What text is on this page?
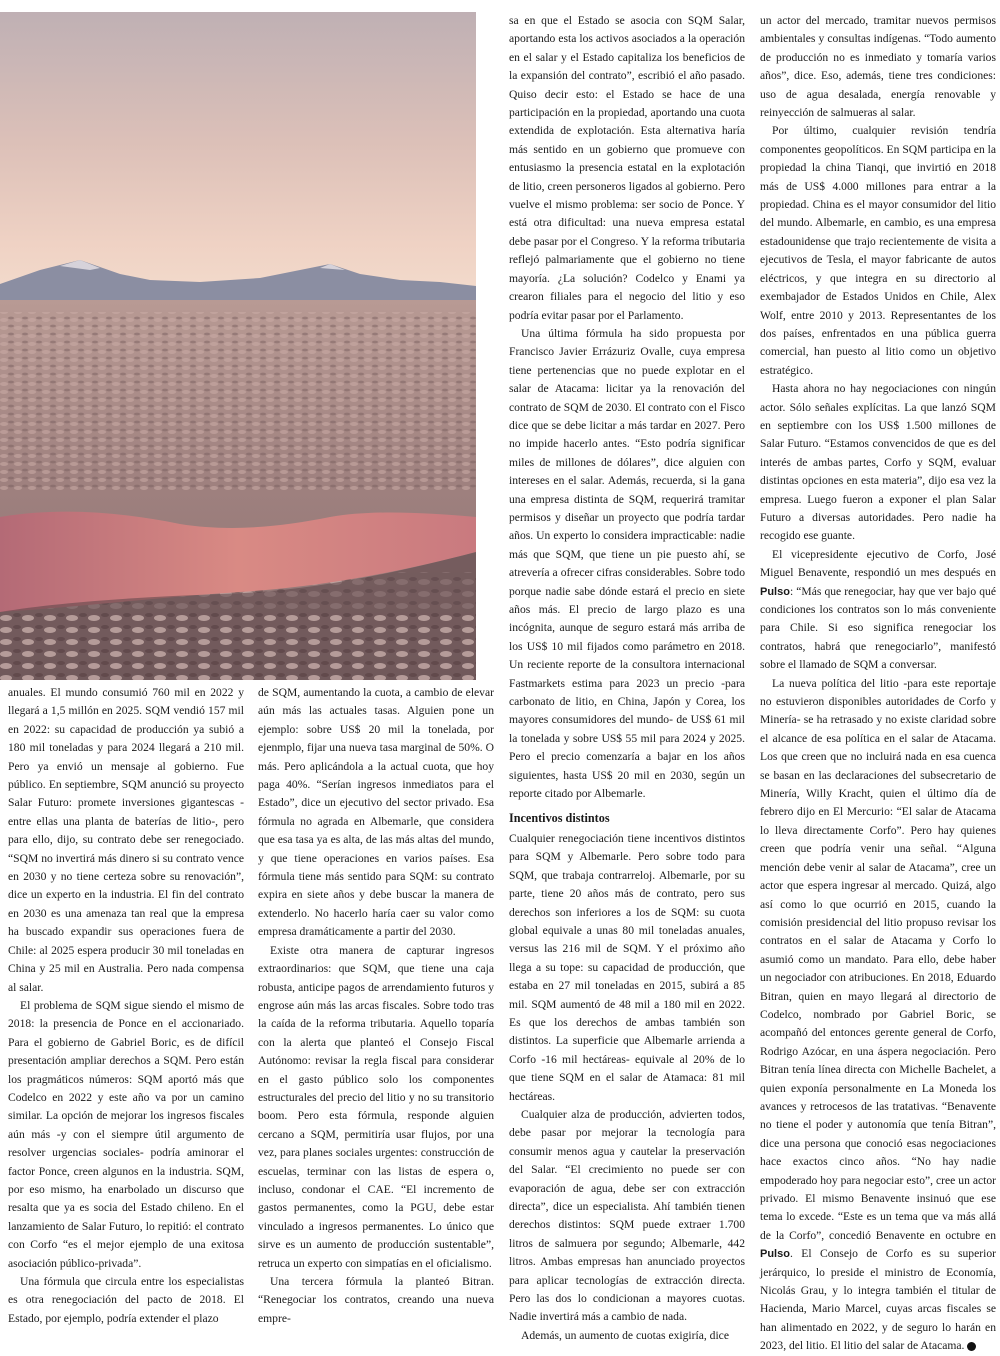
anuales. El mundo consumió 760 mil en 2022 y llegará a 1,5 millón en 2025. SQM vendió 157 mil en 2022: su capacidad de producción ya subió a 180 mil toneladas y para 2024 llegará a 210 mil. Pero ya envió un mensaje al gobierno. Fue público. En septiembre, SQM anunció su proyecto Salar Futuro: promete inversiones gigantescas -entre ellas una planta de baterías de litio-, pero para ello, dijo, su contrato debe ser renegociado. “SQM no invertirá más dinero si su contrato vence en 2030 y no tiene certeza sobre su renovación”, dice un experto en la industria. El fin del contrato en 2030 es una amenaza tan real que la empresa ha buscado expandir sus operaciones fuera de Chile: al 2025 espera producir 30 mil toneladas en China y 25 mil en Australia. Pero nada compensa al salar.

El problema de SQM sigue siendo el mismo de 2018: la presencia de Ponce en el accionariado. Para el gobierno de Gabriel Boric, es de difícil presentación ampliar derechos a SQM. Pero están los pragmáticos números: SQM aportó más que Codelco en 2022 y este año va por un camino similar. La opción de mejorar los ingresos fiscales aún más -y con el siempre útil argumento de resolver urgencias sociales- podría aminorar el factor Ponce, creen algunos en la industria. SQM, por eso mismo, ha enarbolado un discurso que resalta que ya es socia del Estado chileno. En el lanzamiento de Salar Futuro, lo repitió: el contrato con Corfo “es el mejor ejemplo de una exitosa asociación público-privada”.

Una fórmula que circula entre los especialistas es otra renegociación del pacto de 2018. El Estado, por ejemplo, podría extender el plazo

de SQM, aumentando la cuota, a cambio de elevar aún más las actuales tasas. Alguien pone un ejemplo: sobre US$ 20 mil la tonelada, por ejenmplo, fijar una nueva tasa marginal de 50%. O más. Pero aplicándola a la actual cuota, que hoy paga 40%. “Serían ingresos inmediatos para el Estado”, dice un ejecutivo del sector privado. Esa fórmula no agrada en Albemarle, que considera que esa tasa ya es alta, de las más altas del mundo, y que tiene operaciones en varios países. Esa fórmula tiene más sentido para SQM: su contrato expira en siete años y debe buscar la manera de extenderlo. No hacerlo haría caer su valor como empresa dramáticamente a partir del 2030.

Existe otra manera de capturar ingresos extraordinarios: que SQM, que tiene una caja robusta, anticipe pagos de arrendamiento futuros y engrose aún más las arcas fiscales. Sobre todo tras la caída de la reforma tributaria. Aquello toparía con la alerta que planteó el Consejo Fiscal Autónomo: revisar la regla fiscal para considerar en el gasto público solo los componentes estructurales del precio del litio y no su transitorio boom. Pero esta fórmula, responde alguien cercano a SQM, permitiría usar flujos, por una vez, para planes sociales urgentes: construcción de escuelas, terminar con las listas de espera o, incluso, condonar el CAE. “El incremento de gastos permanentes, como la PGU, debe estar vinculado a ingresos permanentes. Lo único que sirve es un aumento de producción sustentable”, retruca un experto con simpatías en el oficialismo.

Una tercera fórmula la planteó Bitran. “Renegociar los contratos, creando una nueva empre-

sa en que el Estado se asocia con SQM Salar, aportando esta los activos asociados a la operación en el salar y el Estado capitaliza los beneficios de la expansión del contrato”, escribió el año pasado. Quiso decir esto: el Estado se hace de una participación en la propiedad, aportando una cuota extendida de explotación. Esta alternativa haría más sentido en un gobierno que promueve con entusiasmo la presencia estatal en la explotación de litio, creen personeros ligados al gobierno. Pero vuelve el mismo problema: ser socio de Ponce. Y está otra dificultad: una nueva empresa estatal debe pasar por el Congreso. Y la reforma tributaria reflejó palmariamente que el gobierno no tiene mayoría. ¿La solución? Codelco y Enami ya crearon filiales para el negocio del litio y eso podría evitar pasar por el Parlamento.

Una última fórmula ha sido propuesta por Francisco Javier Errázuriz Ovalle, cuya empresa tiene pertenencias que no puede explotar en el salar de Atacama: licitar ya la renovación del contrato de SQM de 2030. El contrato con el Fisco dice que se debe licitar a más tardar en 2027. Pero no impide hacerlo antes. “Esto podría significar miles de millones de dólares”, dice alguien con intereses en el salar. Además, recuerda, si la gana una empresa distinta de SQM, requerirá tramitar permisos y diseñar un proyecto que podría tardar años. Un experto lo considera impracticable: nadie más que SQM, que tiene un pie puesto ahí, se atrevería a ofrecer cifras considerables. Sobre todo porque nadie sabe dónde estará el precio en siete años más. El precio de largo plazo es una incógnita, aunque de seguro estará más arriba de los US$ 10 mil fijados como parámetro en 2018. Un reciente reporte de la consultora internacional Fastmarkets estima para 2023 un precio -para carbonato de litio, en China, Japón y Corea, los mayores consumidores del mundo- de US$ 61 mil la tonelada y sobre US$ 55 mil para 2024 y 2025. Pero el precio comenzaría a bajar en los años siguientes, hasta US$ 20 mil en 2030, según un reporte citado por Albemarle.

Incentivos distintos

Cualquier renegociación tiene incentivos distintos para SQM y Albemarle. Pero sobre todo para SQM, que trabaja contrarreloj. Albemarle, por su parte, tiene 20 años más de contrato, pero sus derechos son inferiores a los de SQM: su cuota global equivale a unas 80 mil toneladas anuales, versus las 216 mil de SQM. Y el próximo año llega a su tope: su capacidad de producción, que estaba en 27 mil toneladas en 2015, subirá a 85 mil. SQM aumentó de 48 mil a 180 mil en 2022. Es que los derechos de ambas también son distintos. La superficie que Albemarle arrienda a Corfo -16 mil hectáreas- equivale al 20% de lo que tiene SQM en el salar de Atamaca: 81 mil hectáreas.

Cualquier alza de producción, advierten todos, debe pasar por mejorar la tecnología para consumir menos agua y cautelar la preservación del Salar. “El crecimiento no puede ser con evaporación de agua, debe ser con extracción directa”, dice un especialista. Ahí también tienen derechos distintos: SQM puede extraer 1.700 litros de salmuera por segundo; Albemarle, 442 litros. Ambas empresas han anunciado proyectos para aplicar tecnologías de extracción directa. Pero las dos lo condicionan a mayores cuotas. Nadie invertirá más a cambio de nada.

Además, un aumento de cuotas exigiría, dice

un actor del mercado, tramitar nuevos permisos ambientales y consultas indígenas. “Todo aumento de producción no es inmediato y tomaría varios años”, dice. Eso, además, tiene tres condiciones: uso de agua desalada, energía renovable y reinyección de salmueras al salar.

Por último, cualquier revisión tendría componentes geopolíticos. En SQM participa en la propiedad la china Tianqi, que invirtió en 2018 más de US$ 4.000 millones para entrar a la propiedad. China es el mayor consumidor del litio del mundo. Albemarle, en cambio, es una empresa estadounidense que trajo recientemente de visita a ejecutivos de Tesla, el mayor fabricante de autos eléctricos, y que integra en su directorio al exembajador de Estados Unidos en Chile, Alex Wolf, entre 2010 y 2013. Representantes de los dos países, enfrentados en una pública guerra comercial, han puesto al litio como un objetivo estratégico.

Hasta ahora no hay negociaciones con ningún actor. Sólo señales explícitas. La que lanzó SQM en septiembre con los US$ 1.500 millones de Salar Futuro. “Estamos convencidos de que es del interés de ambas partes, Corfo y SQM, evaluar distintas opciones en esta materia”, dijo esa vez la empresa. Luego fueron a exponer el plan Salar Futuro a diversas autoridades. Pero nadie ha recogido ese guante.

El vicepresidente ejecutivo de Corfo, José Miguel Benavente, respondió un mes después en Pulso: “Más que renegociar, hay que ver bajo qué condiciones los contratos son lo más conveniente para Chile. Si eso significa renegociar los contratos, habrá que renegociarlo”, manifestó sobre el llamado de SQM a conversar.

La nueva política del litio -para este reportaje no estuvieron disponibles autoridades de Corfo y Minería- se ha retrasado y no existe claridad sobre el alcance de esa política en el salar de Atacama. Los que creen que no incluirá nada en esa cuenca se basan en las declaraciones del subsecretario de Minería, Willy Kracht, quien el último día de febrero dijo en El Mercurio: “El salar de Atacama lo lleva directamente Corfo”. Pero hay quienes creen que podría venir una señal. “Alguna mención debe venir al salar de Atacama”, cree un actor que espera ingresar al mercado. Quizá, algo así como lo que ocurrió en 2015, cuando la comisión presidencial del litio propuso revisar los contratos en el salar de Atacama y Corfo lo asumió como un mandato. Para ello, debe haber un negociador con atribuciones. En 2018, Eduardo Bitran, quien en mayo llegará al directorio de Codelco, nombrado por Gabriel Boric, se acompañó del entonces gerente general de Corfo, Rodrigo Azócar, en una áspera negociación. Pero Bitran tenía línea directa con Michelle Bachelet, a quien exponía personalmente en La Moneda los avances y retrocesos de las tratativas. “Benavente no tiene el poder y autonomía que tenía Bitran”, dice una persona que conoció esas negociaciones hace exactos cinco años. “No hay nadie empoderado hoy para negociar esto”, cree un actor privado. El mismo Benavente insinuó que ese tema lo excede. “Este es un tema que va más allá de la Corfo”, concedió Benavente en octubre en Pulso. El Consejo de Corfo es su superior jerárquico, lo preside el ministro de Economía, Nicolás Grau, y lo integra también el titular de Hacienda, Mario Marcel, cuyas arcas fiscales se han alimentado en 2022, y de seguro lo harán en 2023, del litio. El litio del salar de Atacama. P
